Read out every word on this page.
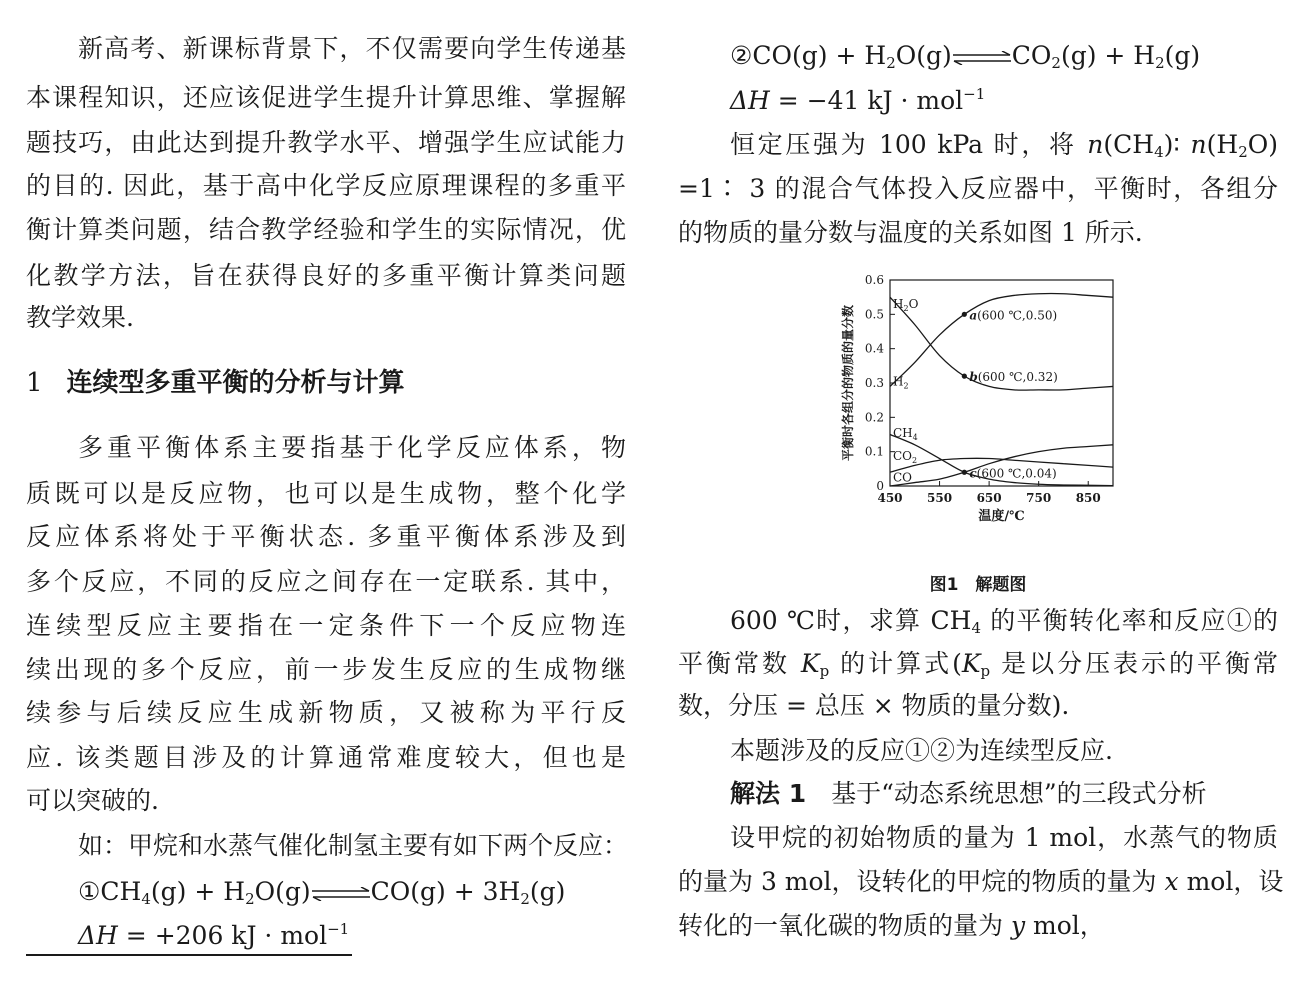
新高考、新课标背景下，不仅需要向学生传递基
本课程知识，还应该促进学生提升计算思维、掌握解
题技巧，由此达到提升教学水平、增强学生应试能力
的目的. 因此，基于高中化学反应原理课程的多重平
衡计算类问题，结合教学经验和学生的实际情况，优
化教学方法，旨在获得良好的多重平衡计算类问题
教学效果.
1 连续型多重平衡的分析与计算
多重平衡体系主要指基于化学反应体系，物
质既可以是反应物，也可以是生成物，整个化学
反应体系将处于平衡状态. 多重平衡体系涉及到
多个反应，不同的反应之间存在一定联系. 其中，
连续型反应主要指在一定条件下一个反应物连
续出现的多个反应，前一步发生反应的生成物继
续参与后续反应生成新物质，又被称为平行反
应. 该类题目涉及的计算通常难度较大，但也是
可以突破的.
如：甲烷和水蒸气催化制氢主要有如下两个反应：
$①CH_4(g)$ + $H_2O(g)\rightleftharpoons CO(g) + 3H_2(g)$
ΔH = +206 kJ · mol$^{-1}$
②CO(g) + $H_2O(g)\rightleftharpoons CO_2(g) + H_2(g)$
ΔH = −41 kJ · mol$^{-1}$
恒定压强为 100 kPa 时，将 $n(CH_4)∶$ $n(H_2O)$
=1∶ 3 的混合气体投入反应器中，平衡时，各组分
的物质的量分数与温度的关系如图 1 所示.
600 ℃时，求算 $CH_4$ 的平衡转化率和反应①的
平衡常数 $K_p$ 的计算式($K_p$ 是以分压表示的平衡常
数，分压 = 总压 × 物质的量分数).
本题涉及的反应①②为连续型反应.
解法 1　基于“动态系统思想”的三段式分析
设甲烷的初始物质的量为 1 mol，水蒸气的物质
的量为 3 mol，设转化的甲烷的物质的量为 x mol，设
转化的一氧化碳的物质的量为 y mol，
0
0.1
0.2
0.3
0.4
0.5
0.6
450 550 650 750 850
温度/℃
平衡时各组分的物质的量分数
$H_2O$
$H_2$
$CH_4$
$CO_2$
CO
a(600 ℃,0.50)
b(600 ℃,0.32)
c(600 ℃,0.04)
图1　解题图
